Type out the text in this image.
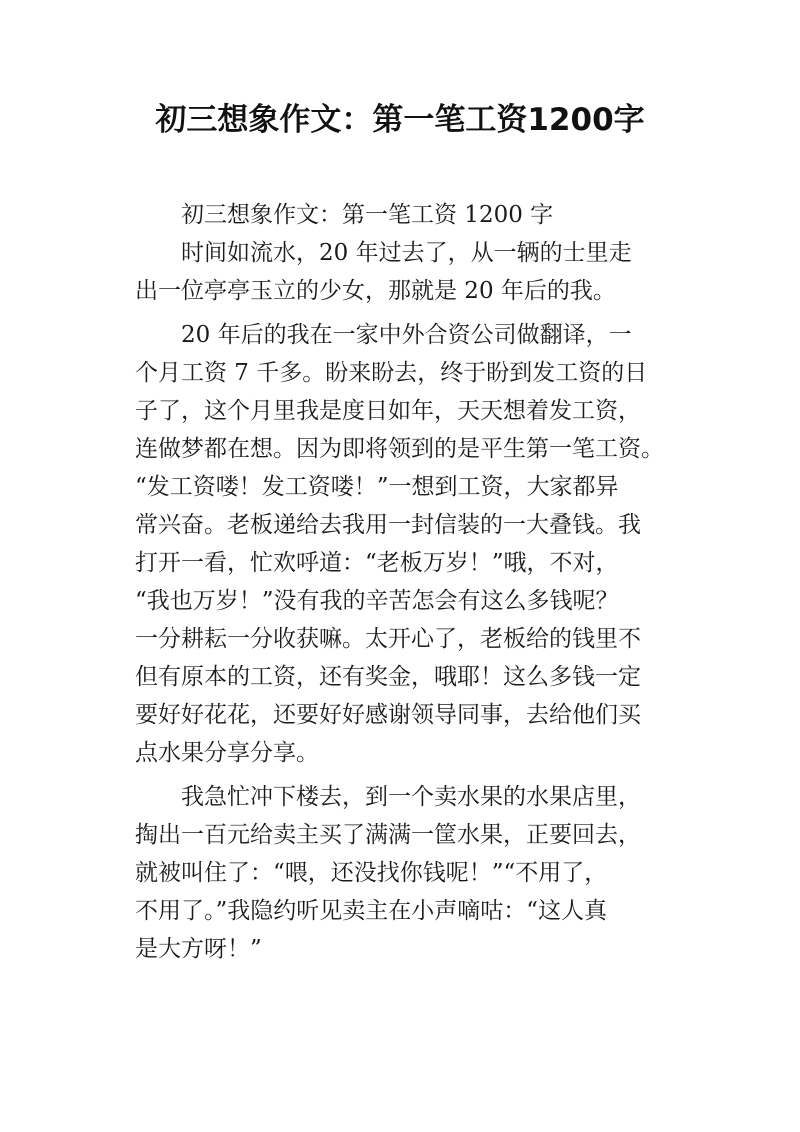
初三想象作文：第一笔工资1200字
初三想象作文：第一笔工资 1200 字
时间如流水，20 年过去了，从一辆的士里走
出一位亭亭玉立的少女，那就是 20 年后的我。
20 年后的我在一家中外合资公司做翻译，一
个月工资 7 千多。盼来盼去，终于盼到发工资的日
子了，这个月里我是度日如年，天天想着发工资，
连做梦都在想。因为即将领到的是平生第一笔工资。
“发工资喽！发工资喽！”一想到工资，大家都异
常兴奋。老板递给去我用一封信装的一大叠钱。我
打开一看，忙欢呼道：“老板万岁！”哦，不对，
“我也万岁！”没有我的辛苦怎会有这么多钱呢？
一分耕耘一分收获嘛。太开心了，老板给的钱里不
但有原本的工资，还有奖金，哦耶！这么多钱一定
要好好花花，还要好好感谢领导同事，去给他们买
点水果分享分享。
我急忙冲下楼去，到一个卖水果的水果店里，
掏出一百元给卖主买了满满一筐水果，正要回去，
就被叫住了：“喂，还没找你钱呢！”“不用了，
不用了。”我隐约听见卖主在小声嘀咕：“这人真
是大方呀！”
